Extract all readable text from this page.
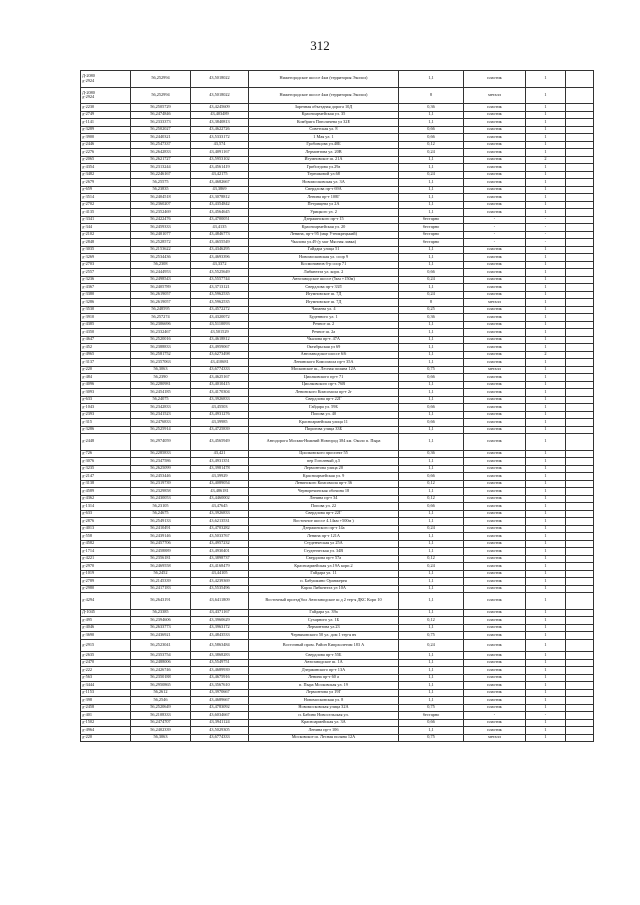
312
Д-2080
д-2924	56,252994	43,5018022	Нижегородское шоссе 4км (территория Экопол)	1,1	пластик	1	
Д-2080
д-2924	56,252994	43,5018022	Нижегородское шоссе 4км (территория Экопол)	8	металл	1	
д-2230	56,2505729	43,4245609	Заречная объездная дорога 10Д	0,36	пластик	1	
д-2749	56,2474846	43,403489	Красноармейская ул. 35	1,1	пластик	1	
д-1141	56,2333373	43,3840813	Комбрига Патоличева ул 32Е	1,1	пластик	1	
д-3289	56,2502027	43,4622726	Советская ул. 8	0,66	пластик	1	
д-3900	56,2440321	43,5333172	1 Мая ул. 1	0,66	пластик	1	
д-2446	56,2547337	43,574	Гробовцова ул.40Б	0,12	пластик	1	
д-2276	56,2642833	43,4091167	Лермонтова ул. 20В	0,24	пластик	1	
д-2065	56,2621727	43,5953102	Игумновское ш. 21А	1,1	пластик	2	
д-4354	56,2313244	43,4561419	Грибоедова ул.29а	1,1	пластик	1	
д-3482	56,2246167	43,42175	Терешковой ул.68	0,24	пластик	1	
д-2679	56,25575	43,4682667	Новомосковская ул. 3А	1,1	пластик	1	
д-659	56,23835	43,3869	Свердлова пр-т 69А	1,1	пластик	1	
д-3514	56,2404518	43,3078812	Ленина пр-т 108Г	1,1	пластик	1	
д-2702	56,2360207	43,4354842	Петрищева ул 2А	1,1	пластик	1	
д-4135	56,2352469	43,4564645	Урицкого ул. 2	1,1	пластик	1	
д-3341	56,2422476	43,4700051	Дзержинского пр-т 15	бестарно	-	-	
д-344	56,2459333	43,4135	Красноармейская ул. 20	бестарно	-	-	
д-2102	56,2401077	43,4846773	Ленина, пр-т 95 (мкр Утеикрецький)	бестарно	-	-	
д-2848	56,2528572	43,4655549	Чкалова ул.49 (у маг Мясная лавка)	бестарно	-	-	
д-3035	56,2153622	43,4346295	Гайдара улица 51	1,1	пластик	1	
д-3269	56,2534436	43,4693396	Новомосковская ул. соор 9	1,1	пластик	1	
д-2703	56,2308	43,3372	Космонавтов б-р соор 71	1,1	пластик	1	
д-2557	56,2444953	43,5525649	Либкнехта ул. корп. 2	0,66	пластик	1	
д-3236	56,2498543	43,5557744	Автозаводское шоссе (5км +150м)	0,24	пластик	1	
д-4367	56,2405789	43,3713121	Свердлова пр-т 33Л	1,1	пластик	1	
д-3380	56,2619057	43,5962535	Игумновское ш. 7Д	0,24	пластик	1	
д-3286	56,2619057	43,5962535	Игумновское ш. 7Д	8	металл	1	
д-3530	56,248595	43,4572272	Чапаева ул. 4	0,25	пластик	1	
д-3910	56,257274	43,4320072	Буденного ул. 1	0,36	пластик	1	
д-4385	56,2306696	43,5110093	Речное ш. 2	1,1	пластик	1	
д-4350	56,2332467	43,501529	Речное ш. 2а	1,1	пластик	1	
д-4647	56,2520016	43,4618812	Чкалова пр-т. 47А	1,1	пластик	1	
д-452	56,2388833	43,4959067	Октябрьская ул 69	1,1	пластик	1	
д-4965	56,2581752	43,6273498	Автозаводское шоссе 6/6	1,1	пластик	2	
д-3137	56,2357063	43,410681	Ленинского Комсомола пр-т 35А	1,1	пластик	1	
д-220	56,3063	43,6774333	Московское ш., Лесная поляна 12А	0,75	металл	1	
д-484	56,2390	43,4625167	Циолковского пр-т 71	0,66	пластик	1	
д-4096	56,2280981	43,4010415	Циолковского пр-т. 76В	1,1	пластик	1	
д-3093	56,2454185	43,4170304	Ленинского Комсомола пр-т 2г	1,1	пластик	1	
д-633	56,24075	43,3926833	Свердлова пр-т 22Г	1,1	пластик	1	
д-1043	56,2342833	43,45503	Гайдара ул. 59Б	0,66	пластик	1	
д-2393	56,2341523	43,4931276	Попова ул. 40	1,1	пластик	1	
д-315	56,2476833	43,39985	Красноармейская улица 11	0,66	пластик	1	
д-3286	56,2525914	43,4725839	Пирогова улица 33Б	1,1	пластик	1	
д-2448	56,2974059	43,4565949	Автодорога Москва-Нижний Новгород 384 км. Около п. Пыра	1,1	пластик	1	
д-726	56,2285833	43,421	Циолковского проспект 55	0,36	пластик	1	
д-3076	56,2347586	43,4931351	пер Гоголевый д.5	1,1	пластик	1	
д-3235	56,2625099	43,3981478	Лермонтова улица 20	1,1	пластик	1	
д-2147	56,2453446	43,39929	Красноармейская ул. 9	0,66	пластик	1	
д-3138	56,2319739	43,4089054	Ленинского Комсомола пр-т 36	0,12	пластик	1	
д-4589	56,2329858	43,486181	Черноречинская обочина 18	1,1	пластик	1	
д-4362	56,2430053	43,4460002	Ленина пр-т 34	0,12	пластик	1	
д-1314	56,23105	43,47645	Попова ул. 22	0,66	пластик	1	
д-633	56,24675	43,3926833	Свердлова пр-т 22Г	1,1	пластик	1	
д-2876	56,2549133	43,6213531	Восточное шоссе 4.14км +500м )	1,1	пластик	1	
д-4013	56,2410491	43,4703282	Дзержинского пр-т 14а	0,24	пластик	1	
д-558	56,2439146	43,5033767	Ленина пр-т 121А	1,1	пластик	1	
д-4582	56,2457706	43,4957232	Студенческая ул 25А	1,1	пластик	1	
д-1714	56,2458889	43,4930401	Студенческая ул. 34В	1,1	пластик	1	
д-4221	56,2356181	43,3898737	Свердлова пр-т 57а	0,12	пластик	1	
д-2970	56,2469558	43,4168479	Красноармейская ул.19А корп.2	0,24	пластик	1	
д-1019	56,2452	43,44105	Гайдара ул. 11	1,1	пластик	1	
д-2789	56,2145339	43,4239369	п. Бабушкино Оранжерея	1,1	пластик	1	
д-2980	56,2417183	43,5535496	Карла Либкнехта ул 10А	1,1	пластик	1	
д-4294	56,2643191	43,6411809	Восточный проезд(бол Автозаводское ш д 2 тер-я ДКС Корп 10	1,1	пластик	1	
Д-1045	56,23385	43,4371167	Гайдара ул. 39а	1,1	пластик	1	
д-495	56,2394606	43,3960629	Сухарного ул. 1Б	0,12	пластик	1	
д-4046	56,2633773	43,3963172	Лермонтова ул.23	1,1	пластик	1	
д-3690	56,2436921	43,4843533	Черняховского 50 ул. дом 1 тер-я вч	0,75	пластик	1	
д-2915	56,2523041	43,5863484	Восточный пром. Район Кипрхолетим 183 А	0,24	пластик	1	
д-2635	56,2353754	43,3868283	Свердлова пр-т 55Б	1,1	пластик	1	
д-2470	56,2488006	43,5549751	Автозаводское ш. 1А	1,1	пластик	1	
д-222	56,2426746	43,4689939	Дзержинского пр-т 13А	1,1	пластик	1	
д-563	56,2350188	43,4675916	Ленина пр-т 60 а	1,1	пластик	1	
д-3444	56,2950865	43,3567610	п. Пыра Московская ул. 19	1,1	пластик	1	
д-1153	56,2612	43,3970667	Лермонтова ул 19Г	1,1	пластик	1	
д-398	56,2546	43,4689667	Новомосковская ул. 8	1,1	пластик	1	
д-2458	56,2520649	43,4783092	Новомосковская улица 32А	0,75	пластик	1	
д-401	56,2108333	43,6034667	п. Бабино Новосельская ул.	бестарно	-	-	
д-1502	56,2474707	43,3941124	Красноармейская ул. 3А	0,66	пластик	1	
д-4964	56,2402339	43,5029305	Ленина пр-т 106	1,1	пластик	1	
д-220	56,3063	43,6774333	Московское ш. Лесная поляна 12А	0,75	металл	1	
